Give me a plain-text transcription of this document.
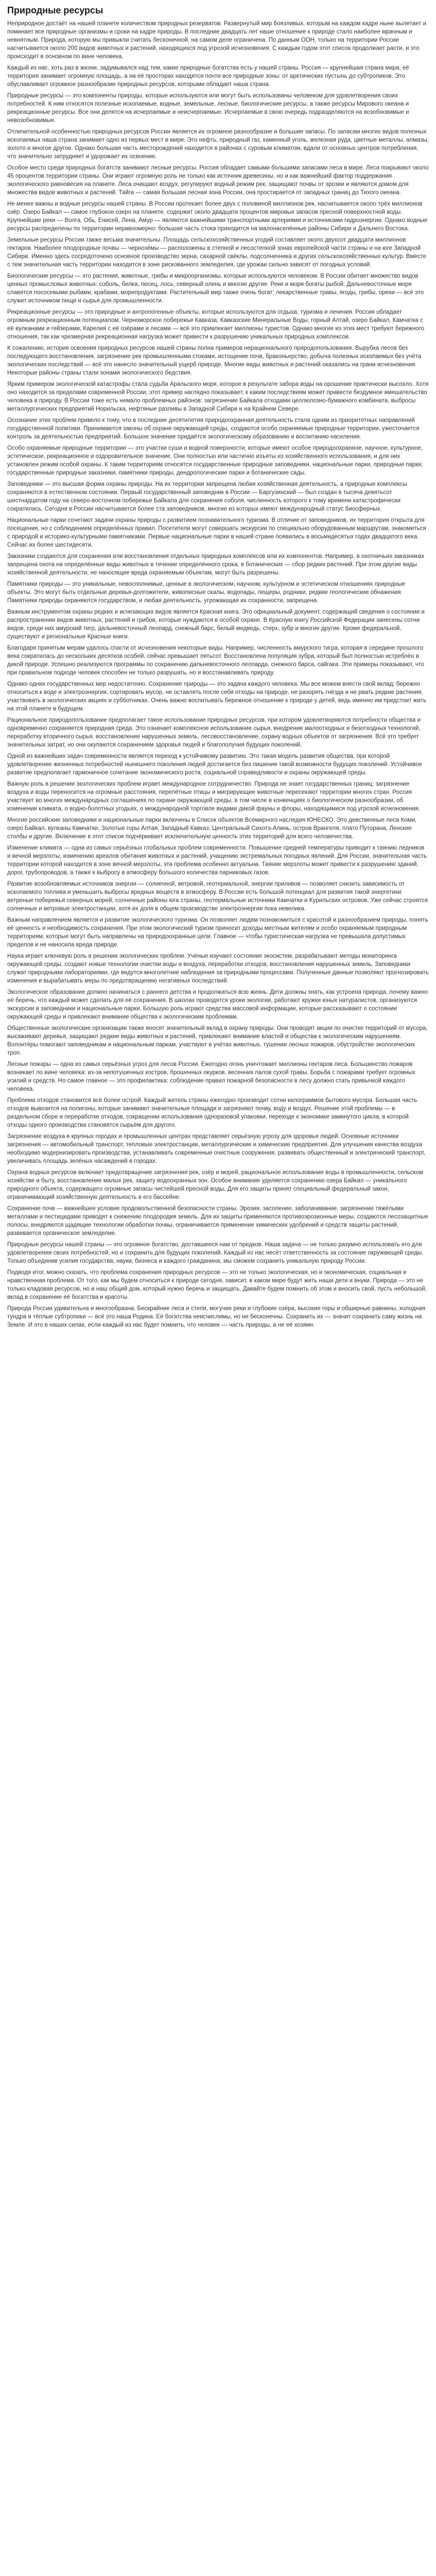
Природные ресурсы

Неприродное достаёт на нашей планете количеством природных резерватов. Развернутый мир боязливых, которым на каждом кадре ныне вылетает и поминает все природные организмы и сроки на кадре природы. В последние двадцать лет наше отношение к природе стало наиболее мрачным и невнятным. Природа, которую мы привыкли считать бесконечной, на самом деле ограничена. По данным ООН, только на территории России насчитывается около 200 видов животных и растений, находящихся под угрозой исчезновения. С каждым годом этот список продолжает расти, и это происходит в основном по вине человека.

Каждый из нас, хоть раз в жизни, задумывался над тем, какие природные богатства есть у нашей страны. Россия — крупнейшая страна мира, её территория занимает огромную площадь, а на её просторах находятся почти все природные зоны: от арктических пустынь до субтропиков. Это обуславливает огромное разнообразие природных ресурсов, которыми обладает наша страна.

Природные ресурсы — это компоненты природы, которые используются или могут быть использованы человеком для удовлетворения своих потребностей. К ним относятся полезные ископаемые, водные, земельные, лесные, биологические ресурсы, а также ресурсы Мирового океана и рекреационные ресурсы. Все они делятся на исчерпаемые и неисчерпаемые. Исчерпаемые в свою очередь подразделяются на возобновимые и невозобновимые.

Отличительной особенностью природных ресурсов России является их огромное разнообразие и большие запасы. По запасам многих видов полезных ископаемых наша страна занимает одно из первых мест в мире. Это нефть, природный газ, каменный уголь, железная руда, цветные металлы, алмазы, золото и многое другое. Однако большая часть месторождений находится в районах с суровым климатом, вдали от основных центров потребления, что значительно затрудняет и удорожает их освоение.

Особое место среди природных богатств занимают лесные ресурсы. Россия обладает самыми большими запасами леса в мире. Леса покрывают около 45 процентов территории страны. Они играют огромную роль не только как источник древесины, но и как важнейший фактор поддержания экологического равновесия на планете. Леса очищают воздух, регулируют водный режим рек, защищают почвы от эрозии и являются домом для множества видов животных и растений. Тайга — самая большая лесная зона России, она простирается от западных границ до Тихого океана.

Не менее важны и водные ресурсы нашей страны. В России протекает более двух с половиной миллионов рек, насчитывается около трёх миллионов озёр. Озеро Байкал — самое глубокое озеро на планете, содержит около двадцати процентов мировых запасов пресной поверхностной воды. Крупнейшие реки — Волга, Обь, Енисей, Лена, Амур — являются важнейшими транспортными артериями и источниками гидроэнергии. Однако водные ресурсы распределены по территории неравномерно: большая часть стока приходится на малонаселённые районы Сибири и Дальнего Востока.

Земельные ресурсы России также весьма значительны. Площадь сельскохозяйственных угодий составляет около двухсот двадцати миллионов гектаров. Наиболее плодородные почвы — чернозёмы — расположены в степной и лесостепной зонах европейской части страны и на юге Западной Сибири. Именно здесь сосредоточено основное производство зерна, сахарной свёклы, подсолнечника и других сельскохозяйственных культур. Вместе с тем значительная часть территории находится в зоне рискованного земледелия, где урожаи сильно зависят от погодных условий.

Биологические ресурсы — это растения, животные, грибы и микроорганизмы, которые используются человеком. В России обитает множество видов ценных промысловых животных: соболь, белка, песец, лось, северный олень и многие другие. Реки и моря богаты рыбой. Дальневосточные моря славятся лососевыми рыбами, крабами, морепродуктами. Растительный мир также очень богат: лекарственные травы, ягоды, грибы, орехи — всё это служит источником пищи и сырья для промышленности.

Рекреационные ресурсы — это природные и антропогенные объекты, которые используются для отдыха, туризма и лечения. Россия обладает огромным рекреационным потенциалом. Черноморское побережье Кавказа, Кавказские Минеральные Воды, горный Алтай, озеро Байкал, Камчатка с её вулканами и гейзерами, Карелия с её озёрами и лесами — всё это привлекает миллионы туристов. Однако многие из этих мест требуют бережного отношения, так как чрезмерная рекреационная нагрузка может привести к разрушению уникальных природных комплексов.

К сожалению, история освоения природных ресурсов нашей страны полна примеров нерационального природопользования. Вырубка лесов без последующего восстановления, загрязнение рек промышленными стоками, истощение почв, браконьерство, добыча полезных ископаемых без учёта экологических последствий — всё это нанесло значительный ущерб природе. Многие виды животных и растений оказались на грани исчезновения. Некоторые районы страны стали зонами экологического бедствия.

Ярким примером экологической катастрофы стала судьба Аральского моря, которое в результате забора воды на орошение практически высохло. Хотя оно находится за пределами современной России, этот пример наглядно показывает, к каким последствиям может привести бездумное вмешательство человека в природу. В России тоже есть немало проблемных районов: загрязнение Байкала отходами целлюлозно-бумажного комбината, выбросы металлургических предприятий Норильска, нефтяные разливы в Западной Сибири и на Крайнем Севере.

Осознание этих проблем привело к тому, что в последние десятилетия природоохранная деятельность стала одним из приоритетных направлений государственной политики. Принимаются законы об охране окружающей среды, создаются особо охраняемые природные территории, ужесточается контроль за деятельностью предприятий. Большое значение придаётся экологическому образованию и воспитанию населения.

Особо охраняемые природные территории — это участки суши и водной поверхности, которые имеют особое природоохранное, научное, культурное, эстетическое, рекреационное и оздоровительное значение. Они полностью или частично изъяты из хозяйственного использования, и для них установлен режим особой охраны. К таким территориям относятся государственные природные заповедники, национальные парки, природные парки, государственные природные заказники, памятники природы, дендрологические парки и ботанические сады.

Заповедники — это высшая форма охраны природы. На их территории запрещена любая хозяйственная деятельность, а природные комплексы сохраняются в естественном состоянии. Первый государственный заповедник в России — Баргузинский — был создан в тысяча девятьсот шестнадцатом году на северо-восточном побережье Байкала для сохранения соболя, численность которого к тому времени катастрофически сократилась. Сегодня в России насчитывается более ста заповедников, многие из которых имеют международный статус биосферных.

Национальные парки сочетают задачи охраны природы с развитием познавательного туризма. В отличие от заповедников, их территория открыта для посещения, но с соблюдением определённых правил. Посетители могут совершать экскурсии по специально оборудованным маршрутам, знакомиться с природой и историко-культурными памятниками. Первые национальные парки в нашей стране появились в восьмидесятых годах двадцатого века. Сейчас их более шестидесяти.

Заказники создаются для сохранения или восстановления отдельных природных комплексов или их компонентов. Например, в охотничьих заказниках запрещена охота на определённые виды животных в течение определённого срока, в ботанических — сбор редких растений. При этом другие виды хозяйственной деятельности, не наносящие вреда охраняемым объектам, могут быть разрешены.

Памятники природы — это уникальные, невосполнимые, ценные в экологическом, научном, культурном и эстетическом отношениях природные объекты. Это могут быть отдельные деревья-долгожители, живописные скалы, водопады, пещеры, родники, редкие геологические обнажения. Памятники природы охраняются государством, и любая деятельность, угрожающая их сохранности, запрещена.

Важным инструментом охраны редких и исчезающих видов является Красная книга. Это официальный документ, содержащий сведения о состоянии и распространении видов животных, растений и грибов, которые нуждаются в особой охране. В Красную книгу Российской Федерации занесены сотни видов, среди них амурский тигр, дальневосточный леопард, снежный барс, белый медведь, стерх, зубр и многие другие. Кроме федеральной, существуют и региональные Красные книги.

Благодаря принятым мерам удалось спасти от исчезновения некоторые виды. Например, численность амурского тигра, которая в середине прошлого века сократилась до нескольких десятков особей, сейчас превышает пятьсот. Восстановлена популяция зубра, который был полностью истреблён в дикой природе. Успешно реализуются программы по сохранению дальневосточного леопарда, снежного барса, сайгака. Эти примеры показывают, что при правильном подходе человек способен не только разрушать, но и восстанавливать природу.

Однако одних государственных мер недостаточно. Сохранение природы — это задача каждого человека. Мы все можем внести свой вклад: бережно относиться к воде и электроэнергии, сортировать мусор, не оставлять после себя отходы на природе, не разорять гнёзда и не рвать редкие растения, участвовать в экологических акциях и субботниках. Очень важно воспитывать бережное отношение к природе у детей, ведь именно им предстоит жить на этой планете в будущем.

Рациональное природопользование предполагает такое использование природных ресурсов, при котором удовлетворяются потребности общества и одновременно сохраняется природная среда. Это означает комплексное использование сырья, внедрение малоотходных и безотходных технологий, переработку вторичного сырья, восстановление нарушенных земель, лесовосстановление, охрану водных объектов от загрязнения. Всё это требует значительных затрат, но они окупаются сохранением здоровья людей и благополучия будущих поколений.

Одной из важнейших задач современности является переход к устойчивому развитию. Это такая модель развития общества, при которой удовлетворение жизненных потребностей нынешнего поколения людей достигается без лишения такой возможности будущих поколений. Устойчивое развитие предполагает гармоничное сочетание экономического роста, социальной справедливости и охраны окружающей среды.

Важную роль в решении экологических проблем играет международное сотрудничество. Природа не знает государственных границ: загрязнение воздуха и воды переносится на огромные расстояния, перелётные птицы и мигрирующие животные пересекают территории многих стран. Россия участвует во многих международных соглашениях по охране окружающей среды, в том числе в конвенциях о биологическом разнообразии, об изменении климата, о водно-болотных угодьях, о международной торговле видами дикой фауны и флоры, находящимися под угрозой исчезновения.

Многие российские заповедники и национальные парки включены в Список объектов Всемирного наследия ЮНЕСКО. Это девственные леса Коми, озеро Байкал, вулканы Камчатки, Золотые горы Алтая, Западный Кавказ, Центральный Сихотэ-Алинь, остров Врангеля, плато Путорана, Ленские столбы и другие. Включение в этот список подчёркивает исключительную ценность этих территорий для всего человечества.

Изменение климата — одна из самых серьёзных глобальных проблем современности. Повышение средней температуры приводит к таянию ледников и вечной мерзлоты, изменению ареалов обитания животных и растений, учащению экстремальных погодных явлений. Для России, значительная часть территории которой находится в зоне вечной мерзлоты, эта проблема особенно актуальна. Таяние мерзлоты может привести к разрушению зданий, дорог, трубопроводов, а также к выбросу в атмосферу большого количества парниковых газов.

Развитие возобновляемых источников энергии — солнечной, ветровой, геотермальной, энергии приливов — позволяет снизить зависимость от ископаемого топлива и уменьшить выбросы вредных веществ в атмосферу. В России есть большой потенциал для развития такой энергетики: ветреные побережья северных морей, солнечные районы юга страны, геотермальные источники Камчатки и Курильских островов. Уже сейчас строятся солнечные и ветровые электростанции, хотя их доля в общем производстве электроэнергии пока невелика.

Важным направлением является и развитие экологического туризма. Он позволяет людям познакомиться с красотой и разнообразием природы, понять её ценность и необходимость сохранения. При этом экологический туризм приносит доходы местным жителям и особо охраняемым природным территориям, которые могут быть направлены на природоохранные цели. Главное — чтобы туристическая нагрузка не превышала допустимых пределов и не наносила вреда природе.

Наука играет ключевую роль в решении экологических проблем. Учёные изучают состояние экосистем, разрабатывают методы мониторинга окружающей среды, создают новые технологии очистки воды и воздуха, переработки отходов, восстановления нарушенных земель. Заповедники служат природными лабораториями, где ведутся многолетние наблюдения за природными процессами. Полученные данные позволяют прогнозировать изменения и вырабатывать меры по предотвращению негативных последствий.

Экологическое образование должно начинаться с раннего детства и продолжаться всю жизнь. Дети должны знать, как устроена природа, почему важно её беречь, что каждый может сделать для её сохранения. В школах проводятся уроки экологии, работают кружки юных натуралистов, организуются экскурсии в заповедники и национальные парки. Большую роль играют средства массовой информации, которые рассказывают о состоянии окружающей среды и привлекают внимание общества к экологическим проблемам.

Общественные экологические организации также вносят значительный вклад в охрану природы. Они проводят акции по очистке территорий от мусора, высаживают деревья, защищают редкие виды животных и растений, привлекают внимание властей и общества к экологическим нарушениям. Волонтёры помогают заповедникам и национальным паркам, участвуют в учётах животных, тушении лесных пожаров, обустройстве экологических троп.

Лесные пожары — одна из самых серьёзных угроз для лесов России. Ежегодно огонь уничтожает миллионы гектаров леса. Большинство пожаров возникает по вине человека: из-за непотушенных костров, брошенных окурков, весенних палов сухой травы. Борьба с пожарами требует огромных усилий и средств. Но самое главное — это профилактика: соблюдение правил пожарной безопасности в лесу должно стать привычкой каждого человека.

Проблема отходов становится всё более острой. Каждый житель страны ежегодно производит сотни килограммов бытового мусора. Большая часть отходов вывозится на полигоны, которые занимают значительные площади и загрязняют почву, воду и воздух. Решение этой проблемы — в раздельном сборе и переработке отходов, сокращении использования одноразовой упаковки, переходе к экономике замкнутого цикла, в которой отходы одного производства становятся сырьём для другого.

Загрязнение воздуха в крупных городах и промышленных центрах представляет серьёзную угрозу для здоровья людей. Основные источники загрязнения — автомобильный транспорт, тепловые электростанции, металлургические и химические предприятия. Для улучшения качества воздуха необходимо модернизировать производства, устанавливать современные очистные сооружения, развивать общественный и электрический транспорт, увеличивать площадь зелёных насаждений в городах.

Охрана водных ресурсов включает предотвращение загрязнения рек, озёр и морей, рациональное использование воды в промышленности, сельском хозяйстве и быту, восстановление малых рек, защиту водоохранных зон. Особое внимание уделяется сохранению озера Байкал — уникального природного объекта, содержащего огромные запасы чистейшей пресной воды. Для его защиты принят специальный федеральный закон, ограничивающий хозяйственную деятельность в его бассейне.

Сохранение почв — важнейшее условие продовольственной безопасности страны. Эрозия, засоление, заболачивание, загрязнение тяжёлыми металлами и пестицидами приводят к снижению плодородия земель. Для их защиты применяются противоэрозионные меры, создаются лесозащитные полосы, внедряются щадящие технологии обработки почвы, ограничивается применение химических удобрений и средств защиты растений, развивается органическое земледелие.

Природные ресурсы нашей страны — это огромное богатство, доставшееся нам от предков. Наша задача — не только разумно использовать его для удовлетворения своих потребностей, но и сохранить для будущих поколений. Каждый из нас несёт ответственность за состояние окружающей среды. Только объединив усилия государства, науки, бизнеса и каждого гражданина, мы сможем сохранить уникальную природу России.

Подводя итог, можно сказать, что проблема сохранения природных ресурсов — это не только экологическая, но и экономическая, социальная и нравственная проблема. От того, как мы будем относиться к природе сегодня, зависит, в каком мире будут жить наши дети и внуки. Природа — это не только кладовая ресурсов, но и наш общий дом, который нужно беречь и защищать. Давайте будем помнить об этом и вносить свой, пусть небольшой, вклад в сохранение её богатства и красоты.

Природа России удивительна и многообразна. Бескрайние леса и степи, могучие реки и глубокие озёра, высокие горы и обширные равнины, холодная тундра и тёплые субтропики — всё это наша Родина. Её богатства неисчислимы, но не бесконечны. Сохранить их — значит сохранить саму жизнь на Земле. И это в наших силах, если каждый из нас будет помнить, что человек — часть природы, а не её хозяин.
